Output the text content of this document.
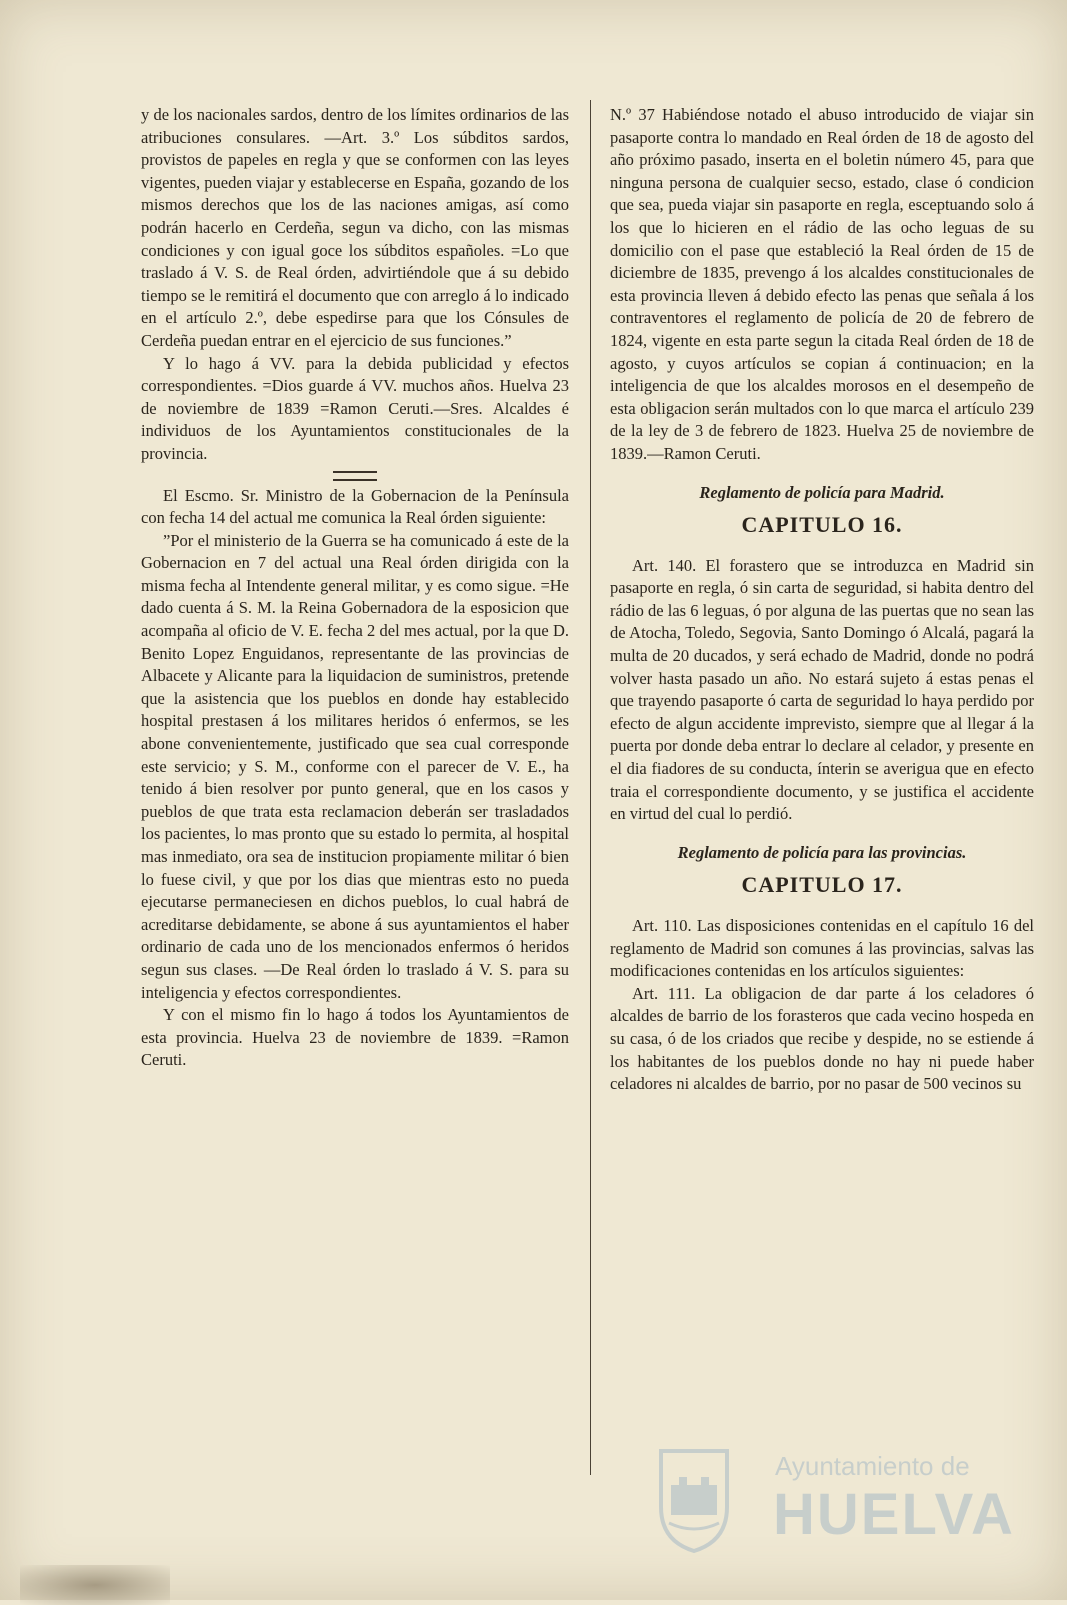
y de los nacionales sardos, dentro de los límites ordinarios de las atribuciones consulares. —Art. 3.º Los súbditos sardos, provistos de papeles en regla y que se conformen con las leyes vigentes, pueden viajar y establecerse en España, gozando de los mismos derechos que los de las naciones amigas, así como podrán hacerlo en Cerdeña, segun va dicho, con las mismas condiciones y con igual goce los súbditos españoles. =Lo que traslado á V. S. de Real órden, advirtiéndole que á su debido tiempo se le remitirá el documento que con arreglo á lo indicado en el artículo 2.º, debe espedirse para que los Cónsules de Cerdeña puedan entrar en el ejercicio de sus funciones.”

Y lo hago á VV. para la debida publicidad y efectos correspondientes. =Dios guarde á VV. muchos años. Huelva 23 de noviembre de 1839 =Ramon Ceruti.—Sres. Alcaldes é individuos de los Ayuntamientos constitucionales de la provincia.

El Escmo. Sr. Ministro de la Gobernacion de la Península con fecha 14 del actual me comunica la Real órden siguiente:

”Por el ministerio de la Guerra se ha comunicado á este de la Gobernacion en 7 del actual una Real órden dirigida con la misma fecha al Intendente general militar, y es como sigue. =He dado cuenta á S. M. la Reina Gobernadora de la esposicion que acompaña al oficio de V. E. fecha 2 del mes actual, por la que D. Benito Lopez Enguidanos, representante de las provincias de Albacete y Alicante para la liquidacion de suministros, pretende que la asistencia que los pueblos en donde hay establecido hospital prestasen á los militares heridos ó enfermos, se les abone convenientemente, justificado que sea cual corresponde este servicio; y S. M., conforme con el parecer de V. E., ha tenido á bien resolver por punto general, que en los casos y pueblos de que trata esta reclamacion deberán ser trasladados los pacientes, lo mas pronto que su estado lo permita, al hospital mas inmediato, ora sea de institucion propiamente militar ó bien lo fuese civil, y que por los dias que mientras esto no pueda ejecutarse permaneciesen en dichos pueblos, lo cual habrá de acreditarse debidamente, se abone á sus ayuntamientos el haber ordinario de cada uno de los mencionados enfermos ó heridos segun sus clases. —De Real órden lo traslado á V. S. para su inteligencia y efectos correspondientes.

Y con el mismo fin lo hago á todos los Ayuntamientos de esta provincia. Huelva 23 de noviembre de 1839. =Ramon Ceruti.

N.º 37 Habiéndose notado el abuso introducido de viajar sin pasaporte contra lo mandado en Real órden de 18 de agosto del año próximo pasado, inserta en el boletin número 45, para que ninguna persona de cualquier secso, estado, clase ó condicion que sea, pueda viajar sin pasaporte en regla, esceptuando solo á los que lo hicieren en el rádio de las ocho leguas de su domicilio con el pase que estableció la Real órden de 15 de diciembre de 1835, prevengo á los alcaldes constitucionales de esta provincia lleven á debido efecto las penas que señala á los contraventores el reglamento de policía de 20 de febrero de 1824, vigente en esta parte segun la citada Real órden de 18 de agosto, y cuyos artículos se copian á continuacion; en la inteligencia de que los alcaldes morosos en el desempeño de esta obligacion serán multados con lo que marca el artículo 239 de la ley de 3 de febrero de 1823. Huelva 25 de noviembre de 1839.—Ramon Ceruti.

Reglamento de policía para Madrid.

CAPITULO 16.

Art. 140. El forastero que se introduzca en Madrid sin pasaporte en regla, ó sin carta de seguridad, si habita dentro del rádio de las 6 leguas, ó por alguna de las puertas que no sean las de Atocha, Toledo, Segovia, Santo Domingo ó Alcalá, pagará la multa de 20 ducados, y será echado de Madrid, donde no podrá volver hasta pasado un año. No estará sujeto á estas penas el que trayendo pasaporte ó carta de seguridad lo haya perdido por efecto de algun accidente imprevisto, siempre que al llegar á la puerta por donde deba entrar lo declare al celador, y presente en el dia fiadores de su conducta, ínterin se averigua que en efecto traia el correspondiente documento, y se justifica el accidente en virtud del cual lo perdió.

Reglamento de policía para las provincias.

CAPITULO 17.

Art. 110. Las disposiciones contenidas en el capítulo 16 del reglamento de Madrid son comunes á las provincias, salvas las modificaciones contenidas en los artículos siguientes:

Art. 111. La obligacion de dar parte á los celadores ó alcaldes de barrio de los forasteros que cada vecino hospeda en su casa, ó de los criados que recibe y despide, no se estiende á los habitantes de los pueblos donde no hay ni puede haber celadores ni alcaldes de barrio, por no pasar de 500 vecinos su

Ayuntamiento de
HUELVA
